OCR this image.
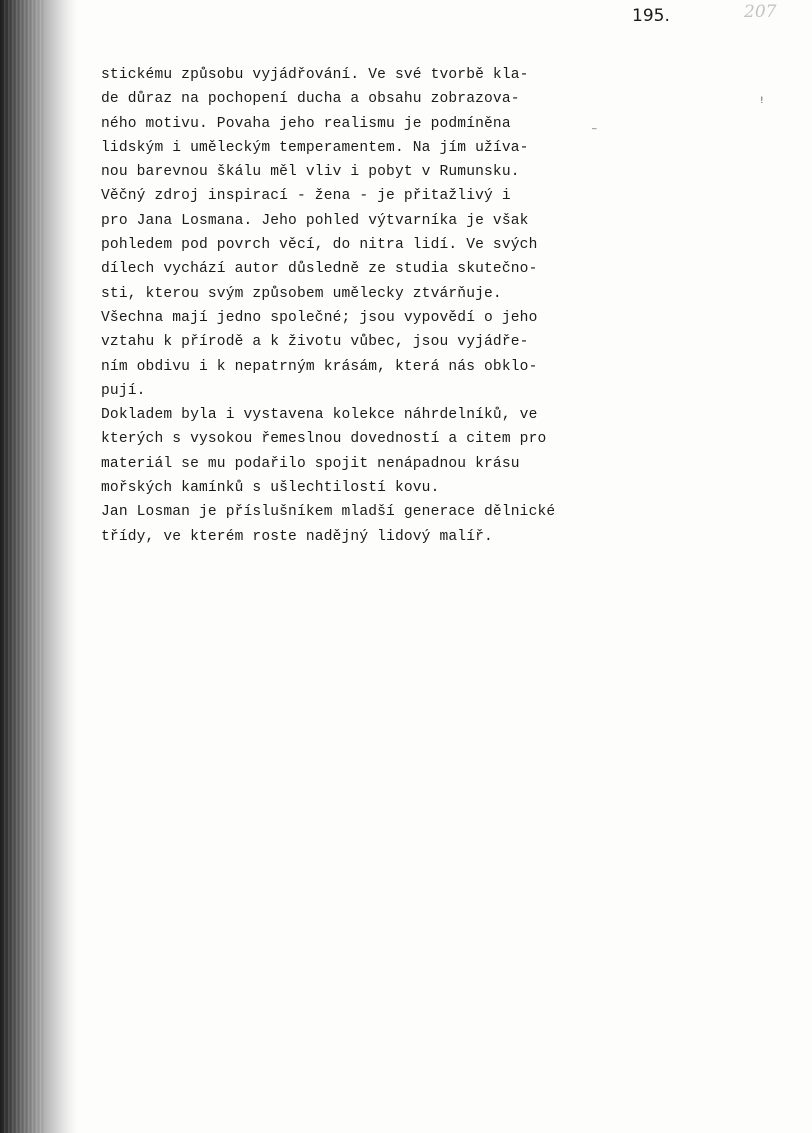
195.	207
!
_
stickému způsobu vyjádřování. Ve své tvorbě kla-
de důraz na pochopení ducha a obsahu zobrazova-
ného motivu. Povaha jeho realismu je podmíněna
lidským i uměleckým temperamentem. Na jím užíva-
nou barevnou škálu měl vliv i pobyt v Rumunsku.
Věčný zdroj inspirací - žena - je přitažlivý i
pro Jana Losmana. Jeho pohled výtvarníka je však
pohledem pod povrch věcí, do nitra lidí. Ve svých
dílech vychází autor důsledně ze studia skutečno-
sti, kterou svým způsobem umělecky ztvárňuje.
Všechna mají jedno společné; jsou vypovědí o jeho
vztahu k přírodě a k životu vůbec, jsou vyjádře-
ním obdivu i k nepatrným krásám, která nás obklo-
pují.
Dokladem byla i vystavena kolekce náhrdelníků, ve
kterých s vysokou řemeslnou dovedností a citem pro
materiál se mu podařilo spojit nenápadnou krásu
mořských kamínků s ušlechtilostí kovu.
Jan Losman je příslušníkem mladší generace dělnické
třídy, ve kterém roste nadějný lidový malíř.
